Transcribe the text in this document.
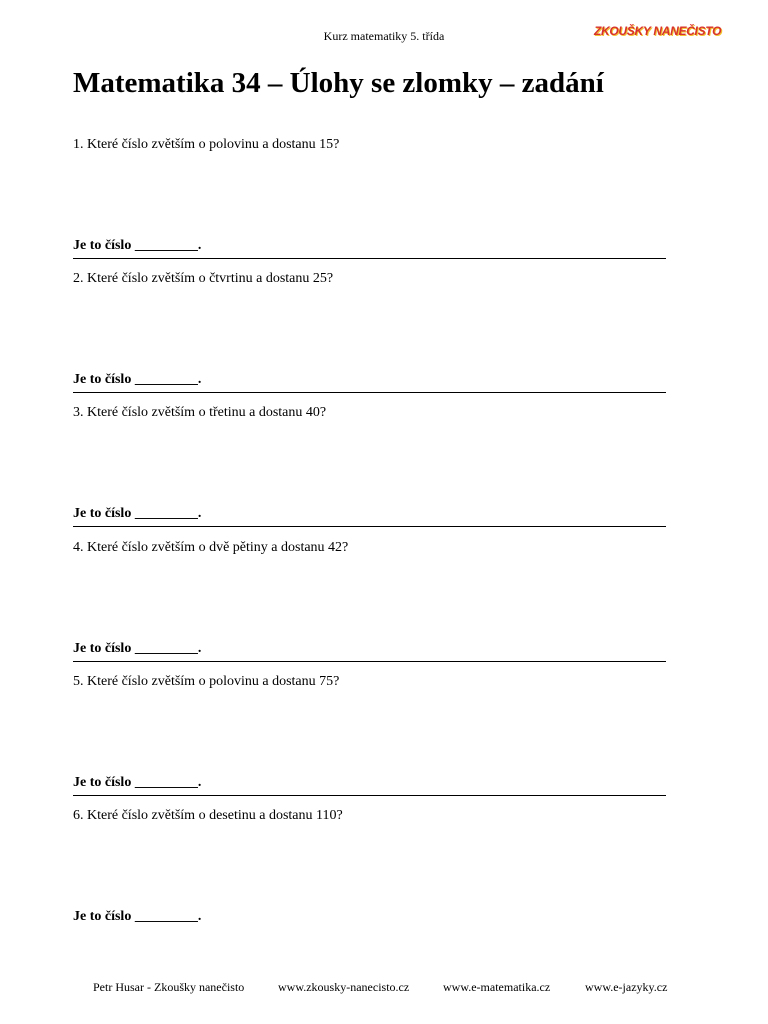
Kurz matematiky 5. třída	ZKOUŠKY NANEČISTO
Matematika 34 – Úlohy se zlomky – zadání
1. Které číslo zvětším o polovinu a dostanu 15?
Je to číslo _________.
2. Které číslo zvětším o čtvrtinu a dostanu 25?
Je to číslo _________.
3. Které číslo zvětším o třetinu a dostanu 40?
Je to číslo _________.
4. Které číslo zvětším o dvě pětiny a dostanu 42?
Je to číslo _________.
5. Které číslo zvětším o polovinu a dostanu 75?
Je to číslo _________.
6. Které číslo zvětším o desetinu a dostanu 110?
Je to číslo _________.
Petr Husar - Zkoušky nanečisto	www.zkousky-nanecisto.cz	www.e-matematika.cz	www.e-jazyky.cz
